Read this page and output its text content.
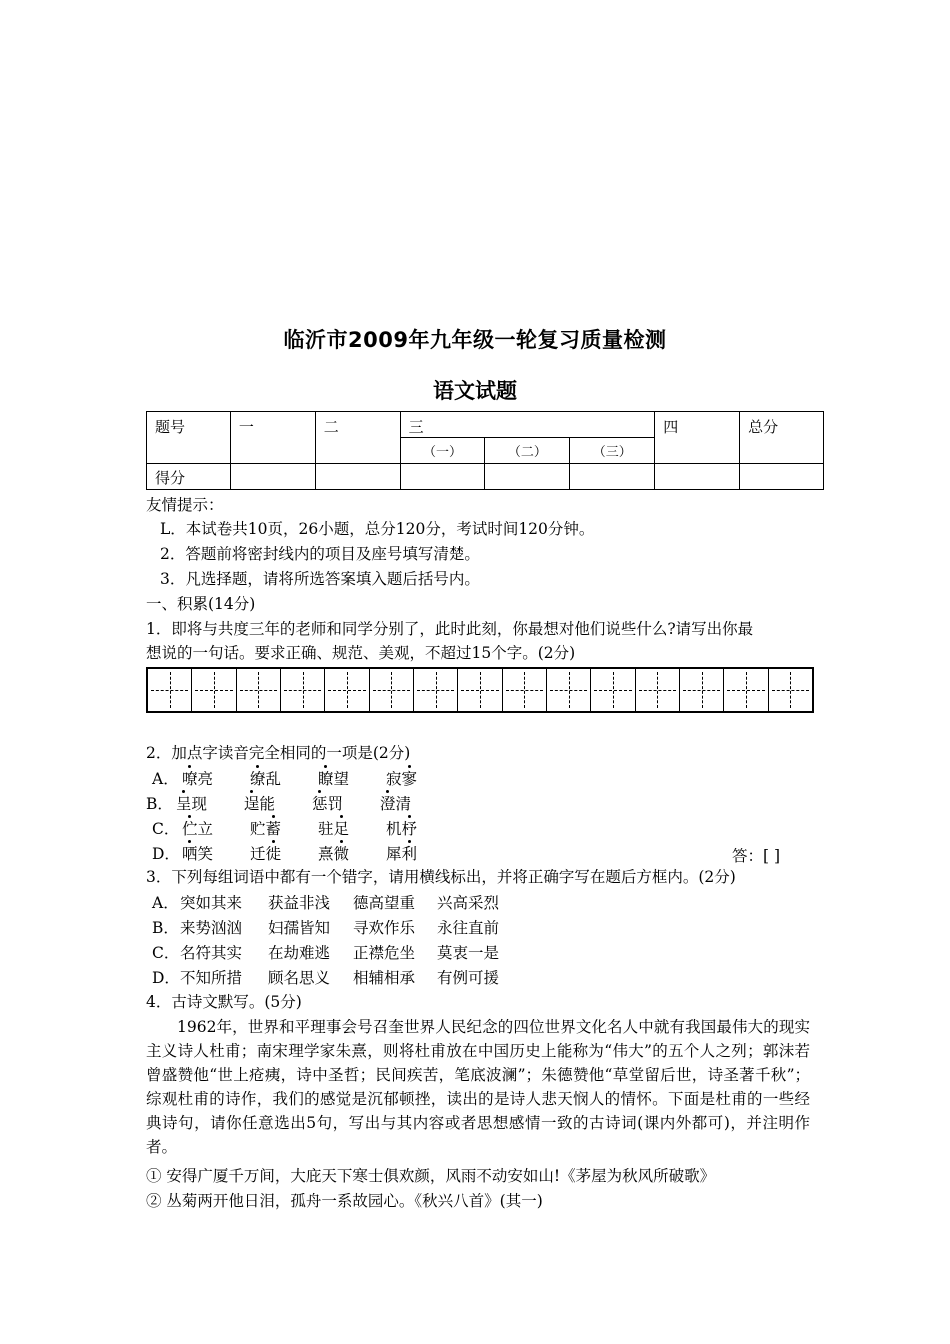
临沂市2009年九年级一轮复习质量检测
语文试题
题号	一	二	三			四	总分
			（一）	（二）	（三）		
得分							
友情提示：
L．本试卷共10页，26小题，总分120分，考试时间120分钟。
2．答题前将密封线内的项目及座号填写清楚。
3．凡选择题，请将所选答案填入题后括号内。
一、积累(14分)
1．即将与共度三年的老师和同学分别了，此时此刻，你最想对他们说些什么?请写出你最
想说的一句话。要求正确、规范、美观，不超过15个字。(2分)
2．加点字读音完全相同的一项是(2分)
A． 嘹亮 缭乱 瞭望 寂寥
B． 呈现 逞能 惩罚 澄清
C． 伫立 贮蓄 驻足 机杼
D． 哂笑 迁徙 熹微 犀利	答：[ ]
3．下列每组词语中都有一个错字，请用横线标出，并将正确字写在题后方框内。(2分)
A． 突如其来 获益非浅 德高望重 兴高采烈
B． 来势汹汹 妇孺皆知 寻欢作乐 永往直前
C． 名符其实 在劫难逃 正襟危坐 莫衷一是
D． 不知所措 顾名思义 相辅相承 有例可援
4．古诗文默写。(5分)
1962年，世界和平理事会号召奎世界人民纪念的四位世界文化名人中就有我国最伟大的现实主义诗人杜甫；南宋理学家朱熹，则将杜甫放在中国历史上能称为“伟大”的五个人之列；郭沫若曾盛赞他“世上疮痍，诗中圣哲；民间疾苦，笔底波澜”；朱德赞他“草堂留后世，诗圣著千秋”；综观杜甫的诗作，我们的感觉是沉郁顿挫，读出的是诗人悲天悯人的情怀。下面是杜甫的一些经典诗句，请你任意选出5句，写出与其内容或者思想感情一致的古诗词(课内外都可)，并注明作者。
① 安得广厦千万间，大庇天下寒士俱欢颜，风雨不动安如山!《茅屋为秋风所破歌》
② 丛菊两开他日泪，孤舟一系故园心。《秋兴八首》(其一)
